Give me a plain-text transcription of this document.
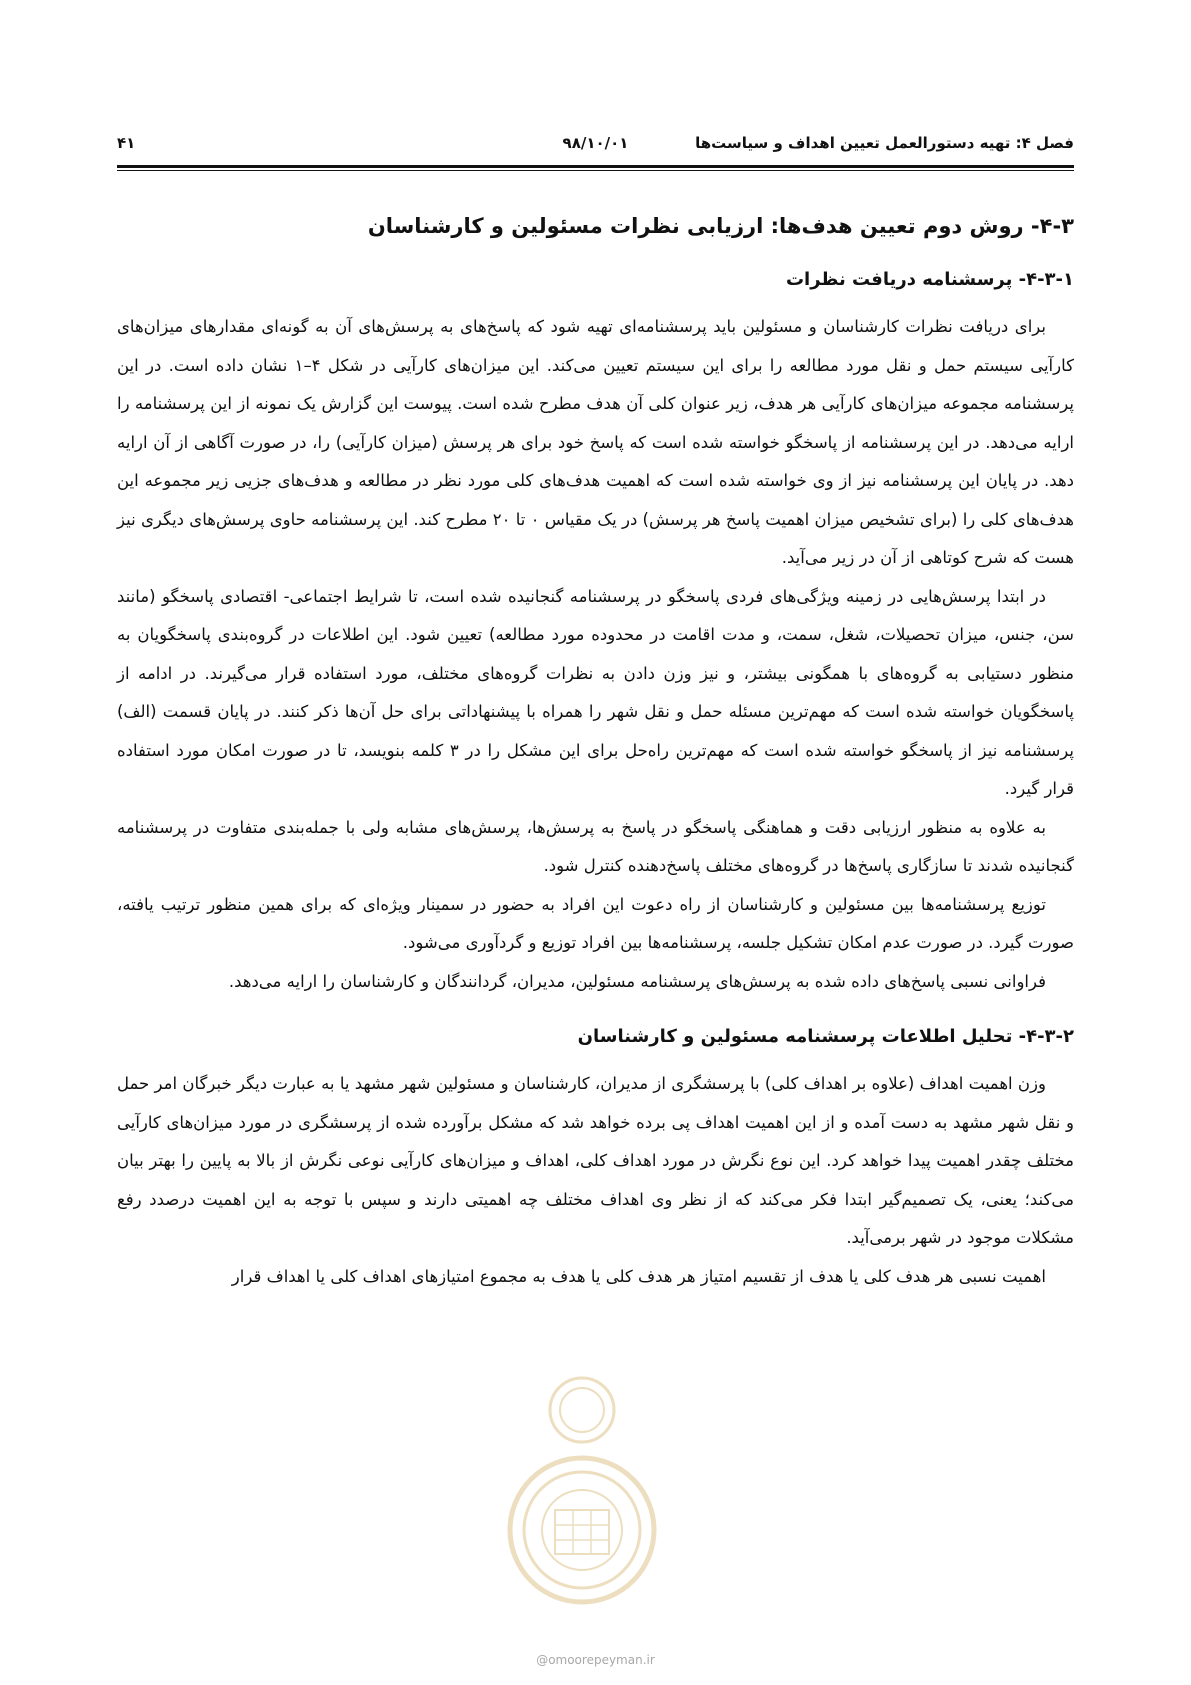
فصل ۴: تهیه دستورالعمل تعیین اهداف و سیاست‌ها
۹۸/۱۰/۰۱
۴۱
۴-۳- روش دوم تعیین هدف‌ها: ارزیابی نظرات مسئولین و کارشناسان
۴-۳-۱- پرسشنامه دریافت نظرات

برای دریافت نظرات کارشناسان و مسئولین باید پرسشنامه‌ای تهیه شود که پاسخ‌های به پرسش‌های آن به گونه‌ای مقدارهای میزان‌های کارآیی سیستم حمل و نقل مورد مطالعه را برای این سیستم تعیین می‌کند. این میزان‌های کارآیی در شکل ۴–۱ نشان داده است. در این پرسشنامه مجموعه میزان‌های کارآیی هر هدف، زیر عنوان کلی آن هدف مطرح شده است. پیوست این گزارش یک نمونه از این پرسشنامه را ارایه می‌دهد. در این پرسشنامه از پاسخگو خواسته شده است که پاسخ خود برای هر پرسش (میزان کارآیی) را، در صورت آگاهی از آن ارایه دهد. در پایان این پرسشنامه نیز از وی خواسته شده است که اهمیت هدف‌های کلی مورد نظر در مطالعه و هدف‌های جزیی زیر مجموعه این هدف‌های کلی را (برای تشخیص میزان اهمیت پاسخ هر پرسش) در یک مقیاس ۰ تا ۲۰ مطرح کند. این پرسشنامه حاوی پرسش‌های دیگری نیز هست که شرح کوتاهی از آن در زیر می‌آید.

در ابتدا پرسش‌هایی در زمینه ویژگی‌های فردی پاسخگو در پرسشنامه گنجانیده شده است، تا شرایط اجتماعی- اقتصادی پاسخگو (مانند سن، جنس، میزان تحصیلات، شغل، سمت، و مدت اقامت در محدوده مورد مطالعه) تعیین شود. این اطلاعات در گروه‌بندی پاسخگویان به منظور دستیابی به گروه‌های با همگونی بیشتر، و نیز وزن دادن به نظرات گروه‌های مختلف، مورد استفاده قرار می‌گیرند. در ادامه از پاسخگویان خواسته شده است که مهم‌ترین مسئله حمل و نقل شهر را همراه با پیشنهاداتی برای حل آن‌ها ذکر کنند. در پایان قسمت (الف) پرسشنامه نیز از پاسخگو خواسته شده است که مهم‌ترین راه‌حل برای این مشکل را در ۳ کلمه بنویسد، تا در صورت امکان مورد استفاده قرار گیرد.

به علاوه به منظور ارزیابی دقت و هماهنگی پاسخگو در پاسخ به پرسش‌ها، پرسش‌های مشابه ولی با جمله‌بندی متفاوت در پرسشنامه گنجانیده شدند تا سازگاری پاسخ‌ها در گروه‌های مختلف پاسخ‌دهنده کنترل شود.

توزیع پرسشنامه‌ها بین مسئولین و کارشناسان از راه دعوت این افراد به حضور در سمینار ویژه‌ای که برای همین منظور ترتیب یافته، صورت گیرد. در صورت عدم امکان تشکیل جلسه، پرسشنامه‌ها بین افراد توزیع و گردآوری می‌شود.

فراوانی نسبی پاسخ‌های داده شده به پرسش‌های پرسشنامه مسئولین، مدیران، گردانندگان و کارشناسان را ارایه می‌دهد.

۴-۳-۲- تحلیل اطلاعات پرسشنامه مسئولین و کارشناسان

وزن اهمیت اهداف (علاوه بر اهداف کلی) با پرسشگری از مدیران، کارشناسان و مسئولین شهر مشهد یا به عبارت دیگر خبرگان امر حمل و نقل شهر مشهد به دست آمده و از این اهمیت اهداف پی برده خواهد شد که مشکل برآورده شده از پرسشگری در مورد میزان‌های کارآیی مختلف چقدر اهمیت پیدا خواهد کرد. این نوع نگرش در مورد اهداف کلی، اهداف و میزان‌های کارآیی نوعی نگرش از بالا به پایین را بهتر بیان می‌کند؛ یعنی، یک تصمیم‌گیر ابتدا فکر می‌کند که از نظر وی اهداف مختلف چه اهمیتی دارند و سپس با توجه به این اهمیت درصدد رفع مشکلات موجود در شهر برمی‌آید.

اهمیت نسبی هر هدف کلی یا هدف از تقسیم امتیاز هر هدف کلی یا هدف به مجموع امتیازهای اهداف کلی یا اهداف قرار

@omoorepeyman.ir
